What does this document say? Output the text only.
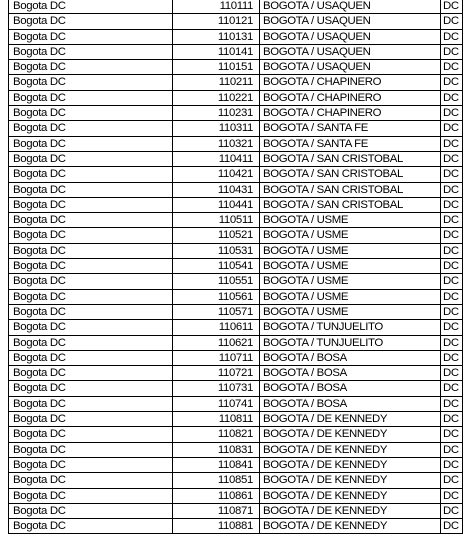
Bogota DC	110111 BOGOTA / USAQUEN	DC
Bogota DC	110121 BOGOTA / USAQUEN	DC
Bogota DC	110131 BOGOTA / USAQUEN	DC
Bogota DC	110141 BOGOTA / USAQUEN	DC
Bogota DC	110151 BOGOTA / USAQUEN	DC
Bogota DC	110211 BOGOTA / CHAPINERO	DC
Bogota DC	110221 BOGOTA / CHAPINERO	DC
Bogota DC	110231 BOGOTA / CHAPINERO	DC
Bogota DC	110311 BOGOTA / SANTA FE	DC
Bogota DC	110321 BOGOTA / SANTA FE	DC
Bogota DC	110411 BOGOTA / SAN CRISTOBAL	DC
Bogota DC	110421 BOGOTA / SAN CRISTOBAL	DC
Bogota DC	110431 BOGOTA / SAN CRISTOBAL	DC
Bogota DC	110441 BOGOTA / SAN CRISTOBAL	DC
Bogota DC	110511 BOGOTA / USME	DC
Bogota DC	110521 BOGOTA / USME	DC
Bogota DC	110531 BOGOTA / USME	DC
Bogota DC	110541 BOGOTA / USME	DC
Bogota DC	110551 BOGOTA / USME	DC
Bogota DC	110561 BOGOTA / USME	DC
Bogota DC	110571 BOGOTA / USME	DC
Bogota DC	110611 BOGOTA / TUNJUELITO	DC
Bogota DC	110621 BOGOTA / TUNJUELITO	DC
Bogota DC	110711 BOGOTA / BOSA	DC
Bogota DC	110721 BOGOTA / BOSA	DC
Bogota DC	110731 BOGOTA / BOSA	DC
Bogota DC	110741 BOGOTA / BOSA	DC
Bogota DC	110811 BOGOTA / DE KENNEDY	DC
Bogota DC	110821 BOGOTA / DE KENNEDY	DC
Bogota DC	110831 BOGOTA / DE KENNEDY	DC
Bogota DC	110841 BOGOTA / DE KENNEDY	DC
Bogota DC	110851 BOGOTA / DE KENNEDY	DC
Bogota DC	110861 BOGOTA / DE KENNEDY	DC
Bogota DC	110871 BOGOTA / DE KENNEDY	DC
Bogota DC	110881 BOGOTA / DE KENNEDY	DC
